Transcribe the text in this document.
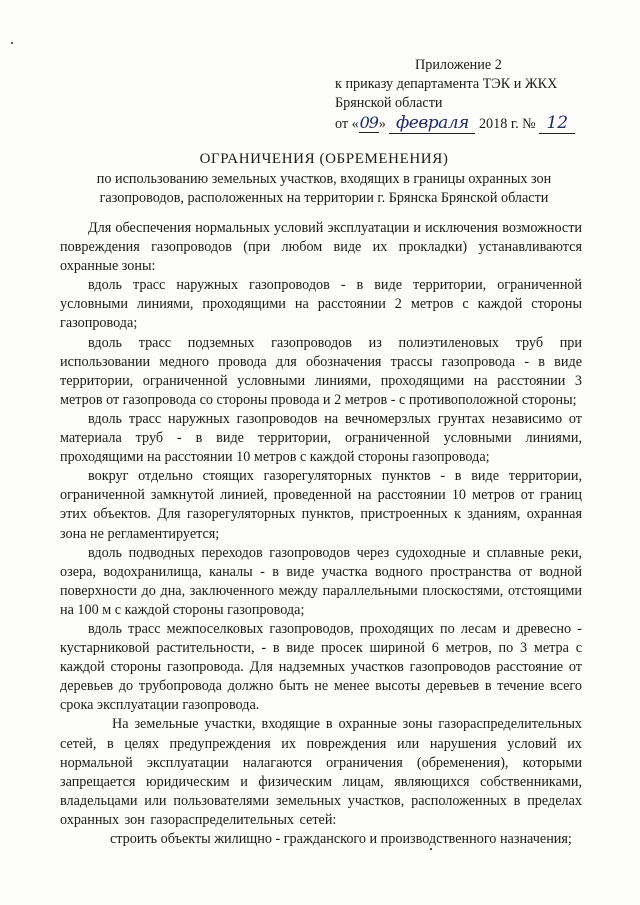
Приложение 2
к приказу департамента ТЭК и ЖКХ
Брянской области
от «09» февраля 2018 г. № 12
ОГРАНИЧЕНИЯ (ОБРЕМЕНЕНИЯ)
по использованию земельных участков, входящих в границы охранных зон
газопроводов, расположенных на территории г. Брянска Брянской области

Для обеспечения нормальных условий эксплуатации и исключения возможности повреждения газопроводов (при любом виде их прокладки) устанавливаются охранные зоны:

вдоль трасс наружных газопроводов - в виде территории, ограниченной условными линиями, проходящими на расстоянии 2 метров с каждой стороны газопровода;

вдоль трасс подземных газопроводов из полиэтиленовых труб при использовании медного провода для обозначения трассы газопровода - в виде территории, ограниченной условными линиями, проходящими на расстоянии 3 метров от газопровода со стороны провода и 2 метров - с противоположной стороны;

вдоль трасс наружных газопроводов на вечномерзлых грунтах независимо от материала труб - в виде территории, ограниченной условными линиями, проходящими на расстоянии 10 метров с каждой стороны газопровода;

вокруг отдельно стоящих газорегуляторных пунктов - в виде территории, ограниченной замкнутой линией, проведенной на расстоянии 10 метров от границ этих объектов. Для газорегуляторных пунктов, пристроенных к зданиям, охранная зона не регламентируется;

вдоль подводных переходов газопроводов через судоходные и сплавные реки, озера, водохранилища, каналы - в виде участка водного пространства от водной поверхности до дна, заключенного между параллельными плоскостями, отстоящими на 100 м с каждой стороны газопровода;

вдоль трасс межпоселковых газопроводов, проходящих по лесам и древесно - кустарниковой растительности, - в виде просек шириной 6 метров, по 3 метра с каждой стороны газопровода. Для надземных участков газопроводов расстояние от деревьев до трубопровода должно быть не менее высоты деревьев в течение всего срока эксплуатации газопровода.

На земельные участки, входящие в охранные зоны газораспределительных сетей, в целях предупреждения их повреждения или нарушения условий их нормальной эксплуатации налагаются ограничения (обременения), которыми запрещается юридическим и физическим лицам, являющихся собственниками, владельцами или пользователями земельных участков, расположенных в пределах охранных зон газораспределительных сетей:

строить объекты жилищно - гражданского и производственного назначения;
